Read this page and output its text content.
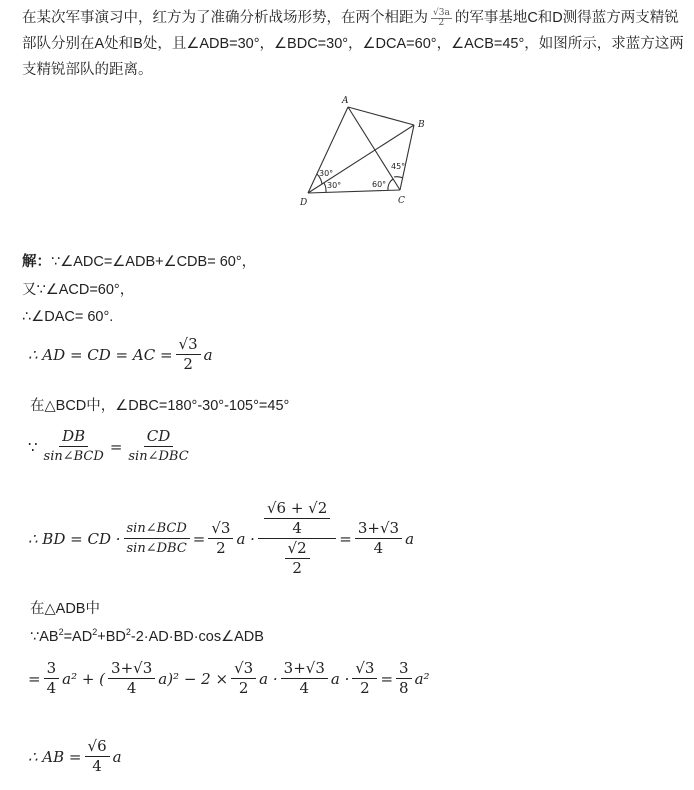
在某次军事演习中，红方为了准确分析战场形势，在两个相距为 $\frac{√3a}{2}$ 的军事基地C和D测得蓝方两支精锐部队分别在A处和B处，且∠ADB=30°，∠BDC=30°，∠DCA=60°，∠ACB=45°，如图所示，求蓝方这两支精锐部队的距离。
A
B
C
D
30°
30°	60°
45°
解：∵∠ADC=∠ADB+∠CDB= 60°，
又∵∠ACD=60°，
∴∠DAC= 60°.
∴ AD = CD = AC = $\frac{√3}{2}$ a
在△BCD中，∠DBC=180°-30°-105°=45°
∵ $\frac{DB}{\text{sin∠BCD}} = \frac{CD}{\text{sin∠DBC}}$
∴ BD = CD · $\frac{\text{sin∠BCD}}{\text{sin∠DBC}} = \frac{√3}{2}$ $a \cdot \frac{\frac{√6 + √2}{4}}{\frac{√2}{2}} = \frac{3+√3}{4}$ a
在△ADB中
$\because AB^2=AD^2+BD^2-2\cdot AD\cdot BD\cdot\cos\angle ADB$
= $\frac{3}{4} a^2$ + ( $\frac{3+√3}{4} a)^2 - 2 \times \frac{√3}{2}$ $a \cdot \frac{3+√3}{4}$ $a \cdot \frac{√3}{2} = \frac{3}{8} a^2$
∴ AB = $\frac{√6}{4}$ a
